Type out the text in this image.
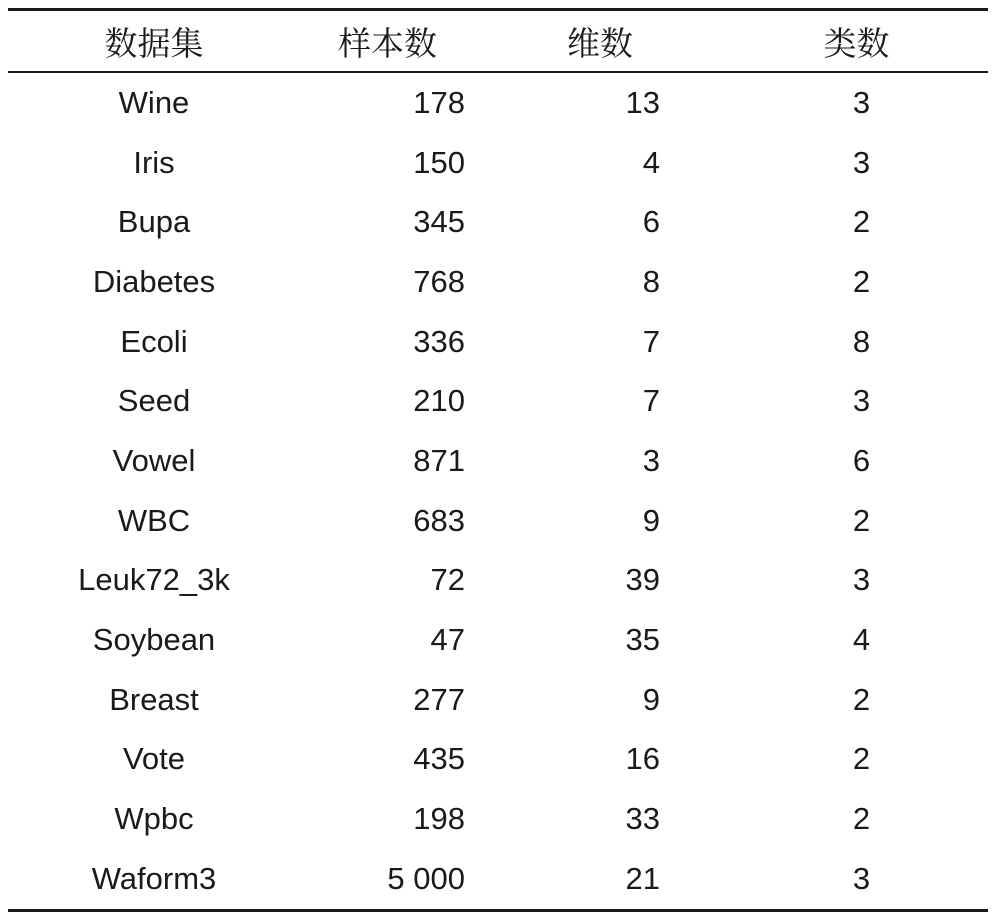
数据集	样本数	维数	类数
Wine	178	13	3
Iris	150	4	3
Bupa	345	6	2
Diabetes	768	8	2
Ecoli	336	7	8
Seed	210	7	3
Vowel	871	3	6
WBC	683	9	2
Leuk72_3k	72	39	3
Soybean	47	35	4
Breast	277	9	2
Vote	435	16	2
Wpbc	198	33	2
Waform3	5 000	21	3
